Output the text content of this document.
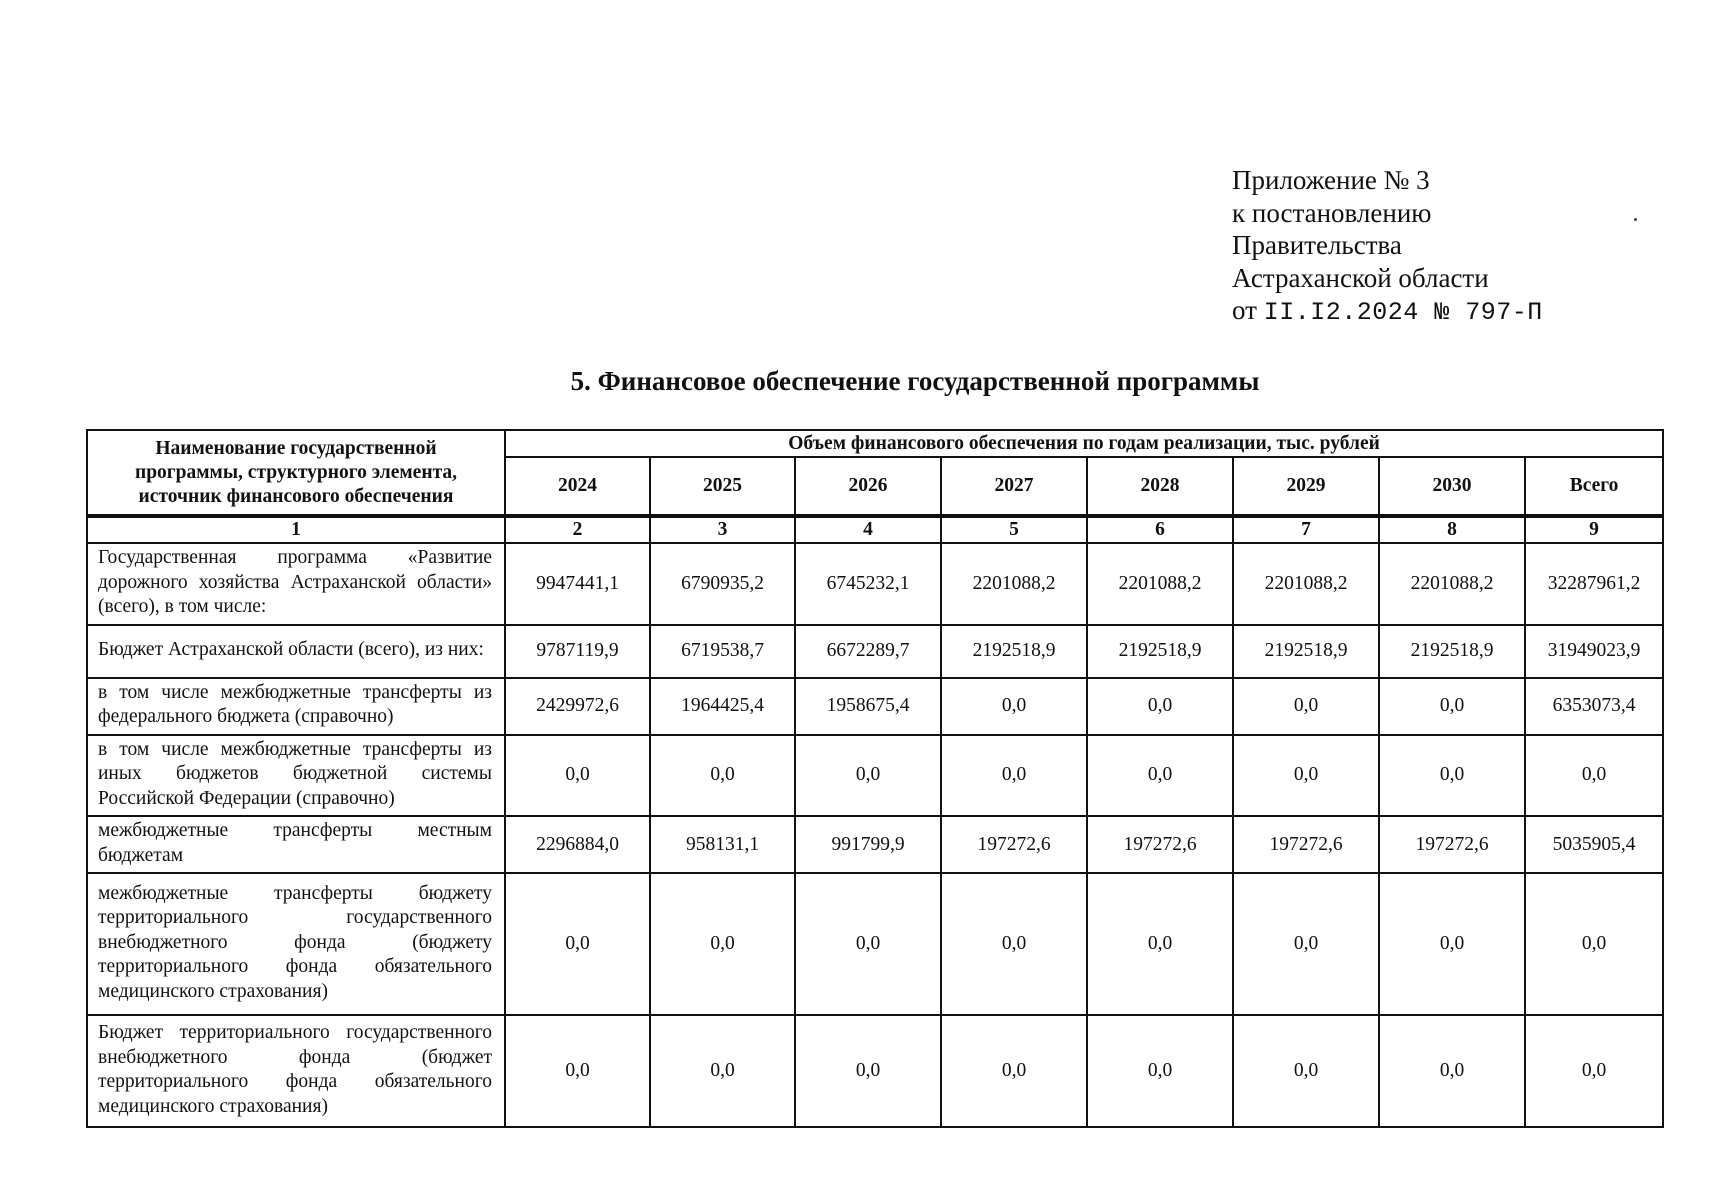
Приложение № 3
к постановлению
Правительства
Астраханской области
от II.I2.2024 № 797-П
5. Финансовое обеспечение государственной программы
Наименование государственной программы, структурного элемента, источник финансового обеспечения	Объем финансового обеспечения по годам реализации, тыс. рублей							
	2024	2025	2026	2027	2028	2029	2030	Всего
1	2	3	4	5	6	7	8	9
Государственная программа «Развитие дорожного хозяйства Астраханской области» (всего), в том числе:	9947441,1	6790935,2	6745232,1	2201088,2	2201088,2	2201088,2	2201088,2	32287961,2
Бюджет Астраханской области (всего), из них:	9787119,9	6719538,7	6672289,7	2192518,9	2192518,9	2192518,9	2192518,9	31949023,9
в том числе межбюджетные трансферты из федерального бюджета (справочно)	2429972,6	1964425,4	1958675,4	0,0	0,0	0,0	0,0	6353073,4
в том числе межбюджетные трансферты из иных бюджетов бюджетной системы Российской Федерации (справочно)	0,0	0,0	0,0	0,0	0,0	0,0	0,0	0,0
межбюджетные трансферты местным бюджетам	2296884,0	958131,1	991799,9	197272,6	197272,6	197272,6	197272,6	5035905,4
межбюджетные трансферты бюджету территориального государственного внебюджетного фонда (бюджету территориального фонда обязательного медицинского страхования)	0,0	0,0	0,0	0,0	0,0	0,0	0,0	0,0
Бюджет территориального государственного внебюджетного фонда (бюджет территориального фонда обязательного медицинского страхования)	0,0	0,0	0,0	0,0	0,0	0,0	0,0	0,0
